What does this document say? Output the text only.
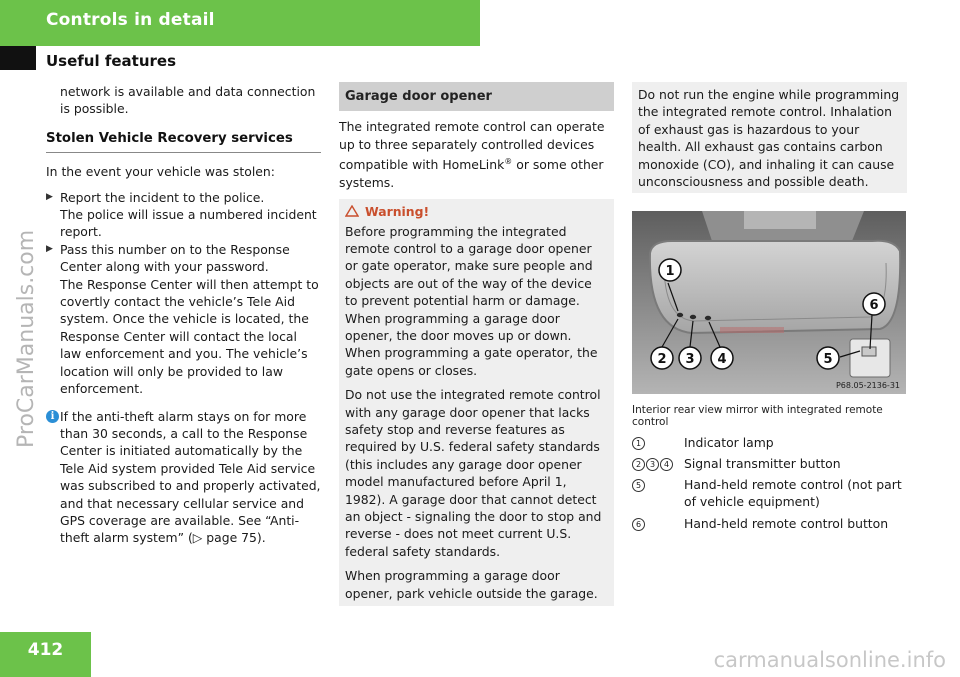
Controls in detail
Useful features
ProCarManuals.com
network is available and data connection is possible.
Stolen Vehicle Recovery services
In the event your vehicle was stolen:
▶ Report the incident to the police.
The police will issue a numbered incident report.
▶ Pass this number on to the Response Center along with your password.
The Response Center will then attempt to covertly contact the vehicle’s Tele Aid system. Once the vehicle is located, the Response Center will contact the local law enforcement and you. The vehicle’s location will only be provided to law enforcement.
i If the anti-theft alarm stays on for more than 30 seconds, a call to the Response Center is initiated automatically by the Tele Aid system provided Tele Aid service was subscribed to and properly activated, and that necessary cellular service and GPS coverage are available. See “Anti-theft alarm system” (▷ page 75).
Garage door opener
The integrated remote control can operate up to three separately controlled devices compatible with HomeLink® or some other systems.
Warning!
Before programming the integrated remote control to a garage door opener or gate operator, make sure people and objects are out of the way of the device to prevent potential harm or damage. When programming a garage door opener, the door moves up or down. When programming a gate operator, the gate opens or closes.
Do not use the integrated remote control with any garage door opener that lacks safety stop and reverse features as required by U.S. federal safety standards (this includes any garage door opener model manufactured before April 1, 1982). A garage door that cannot detect an object - signaling the door to stop and reverse - does not meet current U.S. federal safety standards.
When programming a garage door opener, park vehicle outside the garage.
Do not run the engine while programming the integrated remote control. Inhalation of exhaust gas is hazardous to your health. All exhaust gas contains carbon monoxide (CO), and inhaling it can cause unconsciousness and possible death.
1
2 3 4	5
6
P68.05-2136-31
Interior rear view mirror with integrated remote control
1	Indicator lamp
2 3 4	Signal transmitter button
5	Hand-held remote control (not part of vehicle equipment)
6	Hand-held remote control button
412	carmanualsonline.info
